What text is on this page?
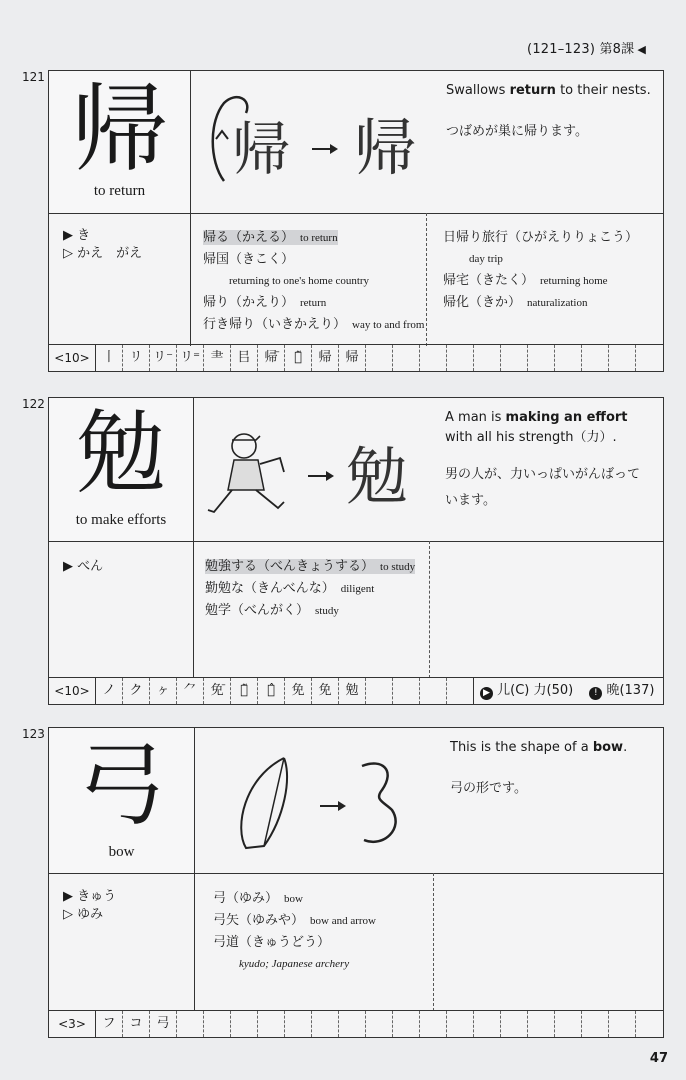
(121–123) 第8課 ◀
121 帰
to return
帰 帰
Swallows return to their nests.
つばめが巣に帰ります。
▶ き
▷ かえ　がえ
帰る（かえる） to return
帰国（きこく）
returning to one's home country
帰り（かえり） return
行き帰り（いきかえり） way to and from
日帰り旅行（ひがえりりょこう）
day trip
帰宅（きたく） returning home
帰化（きか） naturalization
<10> 丨	リ リ⁻ リ⁼ ⺻	㠯	帰̄	帰̃	帰	帰
122 勉
to make efforts
勉
A man is making an effort with all his strength（力）.
男の人が、力いっぱいがんばっています。
▶ べん	勉強する（べんきょうする） to study
勤勉な（きんべんな） diligent
勉学（べんがく） study
<10> ノ	ク	ヶ	⺈	免̄	免̃	免̂	免	免	勉	▶ 儿(C) 力(50) ! 晩(137)
123 弓
bow
This is the shape of a bow.
弓の形です。
▶ きゅう
▷ ゆみ
弓（ゆみ） bow
弓矢（ゆみや） bow and arrow
弓道（きゅうどう）
kyudo; Japanese archery
<3>	フ	コ	弓
47
